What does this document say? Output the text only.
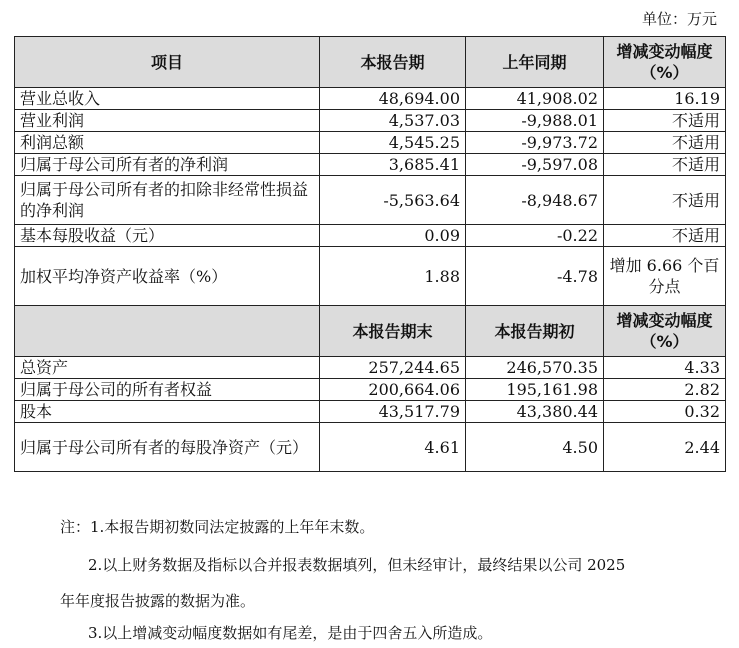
单位：万元
项目	本报告期	上年同期	增减变动幅度（%）
营业总收入	48,694.00	41,908.02	16.19
营业利润	4,537.03	-9,988.01	不适用
利润总额	4,545.25	-9,973.72	不适用
归属于母公司所有者的净利润	3,685.41	-9,597.08	不适用
归属于母公司所有者的扣除非经常性损益的净利润	-5,563.64	-8,948.67	不适用
基本每股收益（元）	0.09	-0.22	不适用
加权平均净资产收益率（%）	1.88	-4.78	增加 6.66 个百分点
	本报告期末	本报告期初	增减变动幅度（%）
总资产	257,244.65	246,570.35	4.33
归属于母公司的所有者权益	200,664.06	195,161.98	2.82
股本	43,517.79	43,380.44	0.32
归属于母公司所有者的每股净资产（元）	4.61	4.50	2.44
注：1.本报告期初数同法定披露的上年年末数。
2.以上财务数据及指标以合并报表数据填列，但未经审计，最终结果以公司 2025
年年度报告披露的数据为准。
3.以上增减变动幅度数据如有尾差，是由于四舍五入所造成。
